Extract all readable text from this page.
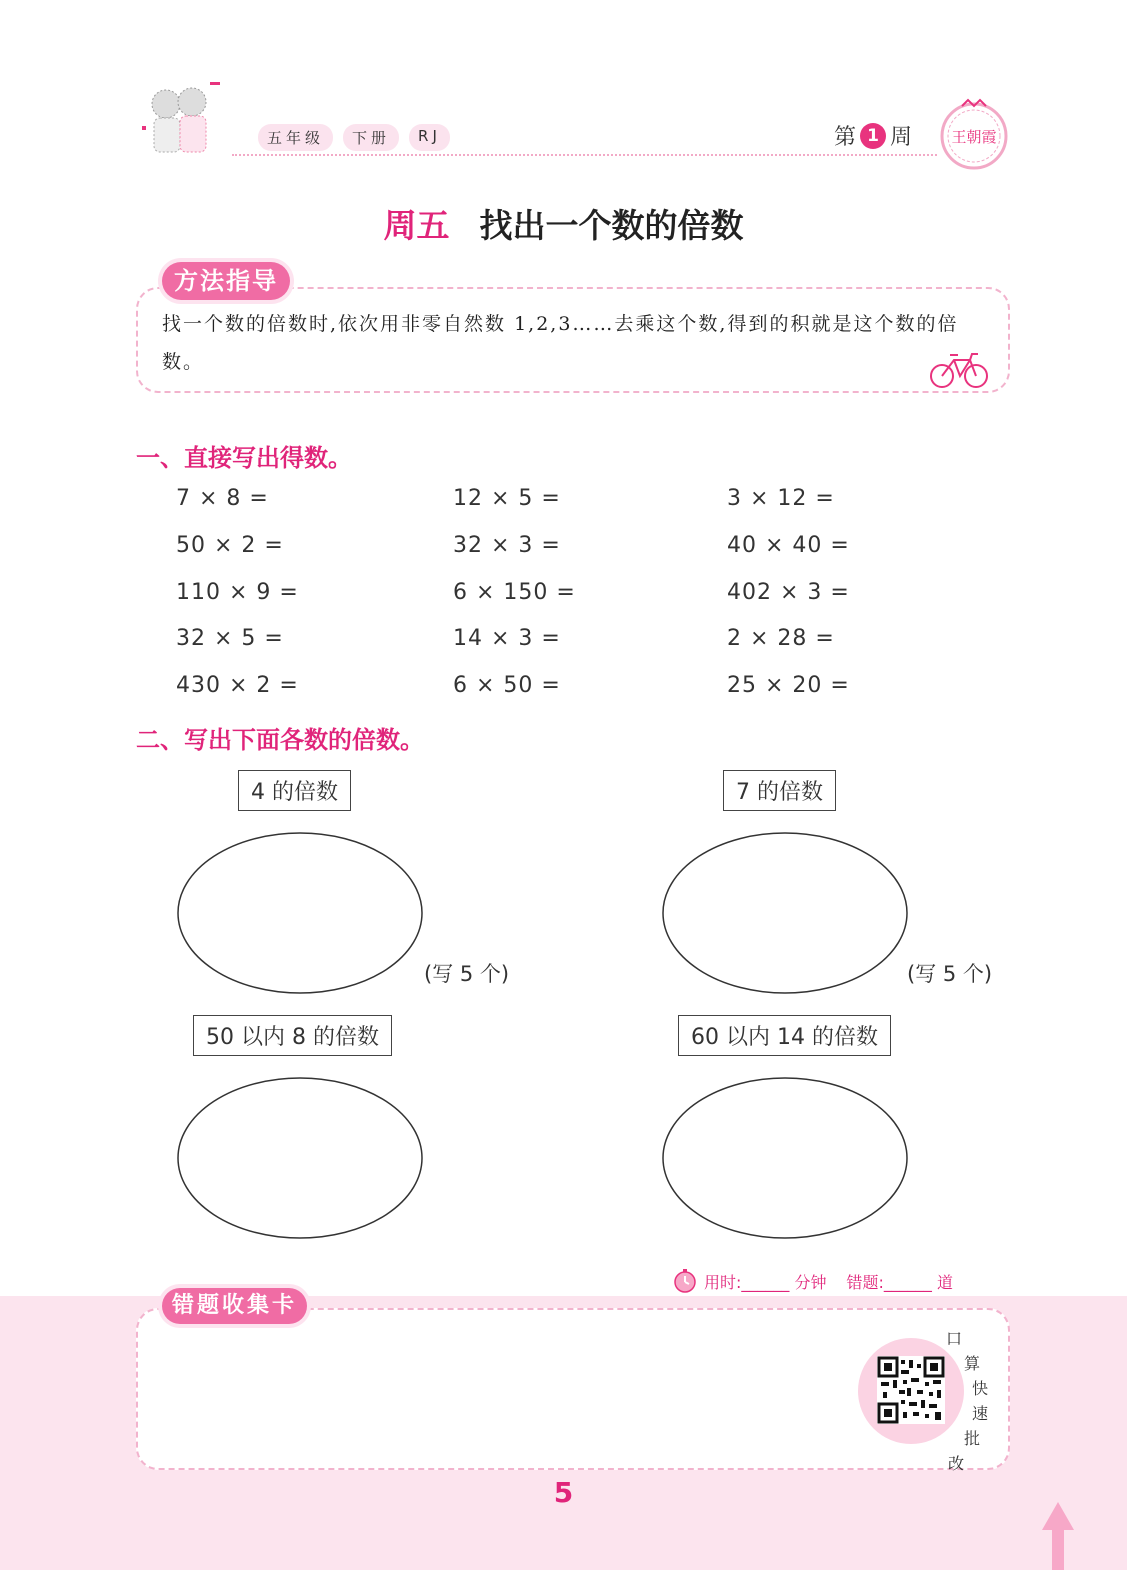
五年级	下册	RJ	第 1 周	王朝霞
周五 找出一个数的倍数
方法指导
找一个数的倍数时,依次用非零自然数 1,2,3……去乘这个数,得到的积就是这个数的倍数。
一、直接写出得数。
7 × 8 =	12 × 5 =	3 × 12 =
50 × 2 =	32 × 3 =	40 × 40 =
110 × 9 =	6 × 150 =	402 × 3 =
32 × 5 =	14 × 3 =	2 × 28 =
430 × 2 =	6 × 50 =	25 × 20 =
二、写出下面各数的倍数。
4 的倍数
(写 5 个)
7 的倍数
(写 5 个)
50 以内 8 的倍数	60 以内 14 的倍数
用时:______ 分钟 错题:______ 道
错题收集卡
口
算
快
速
批
改
5
